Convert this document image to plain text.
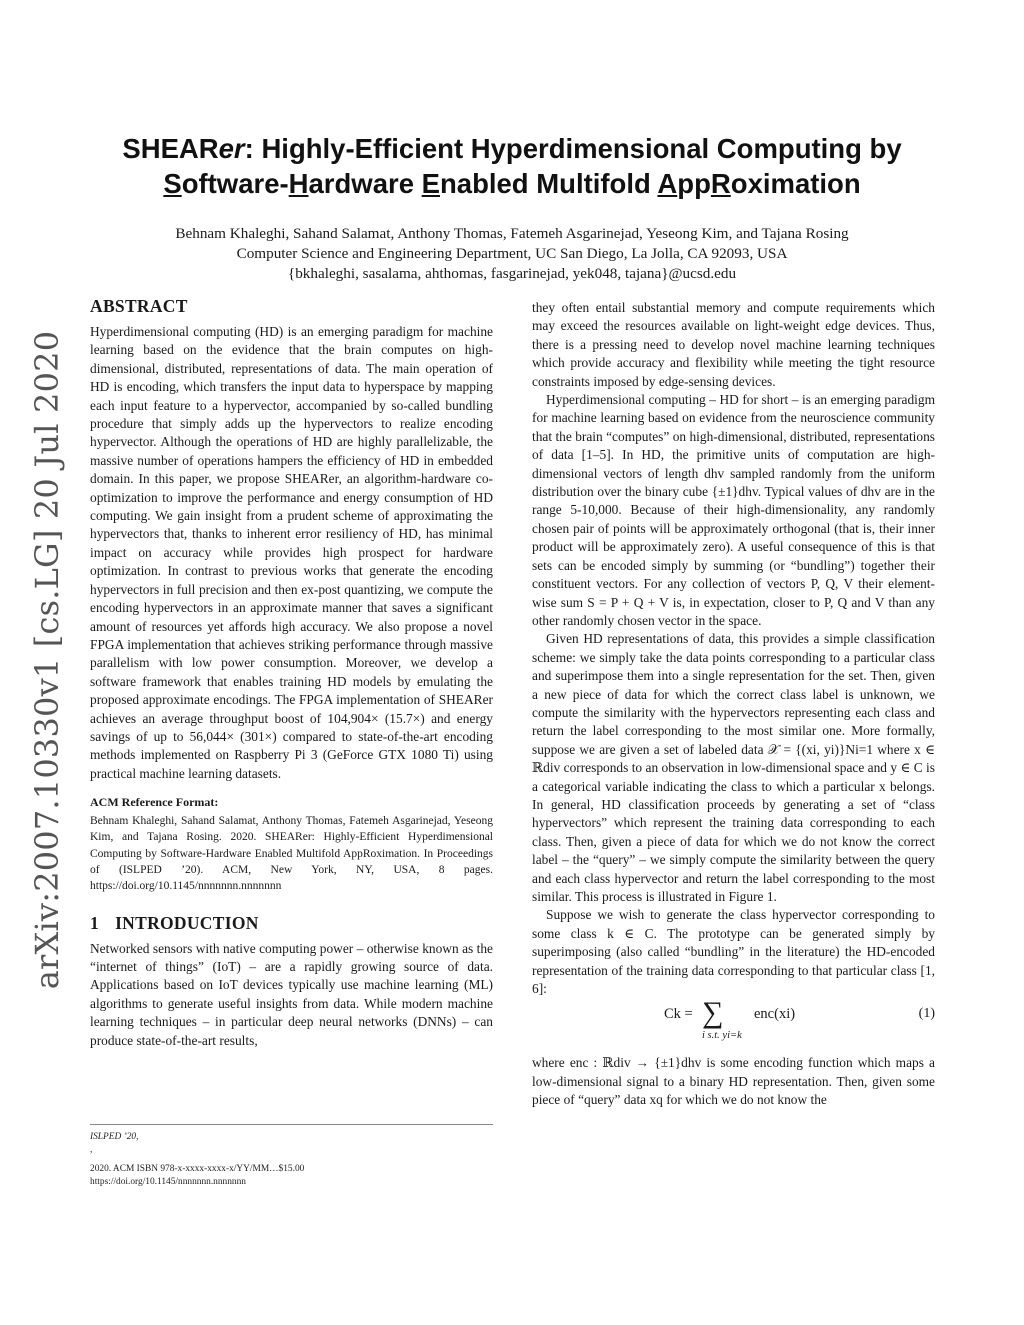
arXiv:2007.10330v1 [cs.LG] 20 Jul 2020
SHEARer: Highly-Efficient Hyperdimensional Computing by
Software-Hardware Enabled Multifold AppRoximation
Behnam Khaleghi, Sahand Salamat, Anthony Thomas, Fatemeh Asgarinejad, Yeseong Kim, and Tajana Rosing
Computer Science and Engineering Department, UC San Diego, La Jolla, CA 92093, USA
{bkhaleghi, sasalama, ahthomas, fasgarinejad, yek048, tajana}@ucsd.edu
ABSTRACT

Hyperdimensional computing (HD) is an emerging paradigm for machine learning based on the evidence that the brain computes on high-dimensional, distributed, representations of data. The main operation of HD is encoding, which transfers the input data to hyperspace by mapping each input feature to a hypervector, accompanied by so-called bundling procedure that simply adds up the hypervectors to realize encoding hypervector. Although the operations of HD are highly parallelizable, the massive number of operations hampers the efficiency of HD in embedded domain. In this paper, we propose SHEARer, an algorithm-hardware co-optimization to improve the performance and energy consumption of HD computing. We gain insight from a prudent scheme of approximating the hypervectors that, thanks to inherent error resiliency of HD, has minimal impact on accuracy while provides high prospect for hardware optimization. In contrast to previous works that generate the encoding hypervectors in full precision and then ex-post quantizing, we compute the encoding hypervectors in an approximate manner that saves a significant amount of resources yet affords high accuracy. We also propose a novel FPGA implementation that achieves striking performance through massive parallelism with low power consumption. Moreover, we develop a software framework that enables training HD models by emulating the proposed approximate encodings. The FPGA implementation of SHEARer achieves an average throughput boost of 104,904× (15.7×) and energy savings of up to 56,044× (301×) compared to state-of-the-art encoding methods implemented on Raspberry Pi 3 (GeForce GTX 1080 Ti) using practical machine learning datasets.

ACM Reference Format:

Behnam Khaleghi, Sahand Salamat, Anthony Thomas, Fatemeh Asgarinejad, Yeseong Kim, and Tajana Rosing. 2020. SHEARer: Highly-Efficient Hyperdimensional Computing by Software-Hardware Enabled Multifold AppRoximation. In Proceedings of (ISLPED ’20). ACM, New York, NY, USA, 8 pages. https://doi.org/10.1145/nnnnnnn.nnnnnnn

1 INTRODUCTION

Networked sensors with native computing power – otherwise known as the “internet of things” (IoT) – are a rapidly growing source of data. Applications based on IoT devices typically use machine learning (ML) algorithms to generate useful insights from data. While modern machine learning techniques – in particular deep neural networks (DNNs) – can produce state-of-the-art results,

ISLPED ’20,
,
2020. ACM ISBN 978-x-xxxx-xxxx-x/YY/MM…$15.00
https://doi.org/10.1145/nnnnnnn.nnnnnnn

they often entail substantial memory and compute requirements which may exceed the resources available on light-weight edge devices. Thus, there is a pressing need to develop novel machine learning techniques which provide accuracy and flexibility while meeting the tight resource constraints imposed by edge-sensing devices.

Hyperdimensional computing – HD for short – is an emerging paradigm for machine learning based on evidence from the neuroscience community that the brain “computes” on high-dimensional, distributed, representations of data [1–5]. In HD, the primitive units of computation are high-dimensional vectors of length dhv sampled randomly from the uniform distribution over the binary cube {±1}dhv. Typical values of dhv are in the range 5-10,000. Because of their high-dimensionality, any randomly chosen pair of points will be approximately orthogonal (that is, their inner product will be approximately zero). A useful consequence of this is that sets can be encoded simply by summing (or “bundling”) together their constituent vectors. For any collection of vectors P, Q, V their element-wise sum S = P + Q + V is, in expectation, closer to P, Q and V than any other randomly chosen vector in the space.

Given HD representations of data, this provides a simple classification scheme: we simply take the data points corresponding to a particular class and superimpose them into a single representation for the set. Then, given a new piece of data for which the correct class label is unknown, we compute the similarity with the hypervectors representing each class and return the label corresponding to the most similar one. More formally, suppose we are given a set of labeled data 𝒳 = {(xi, yi)}Ni=1 where x ∈ ℝdiv corresponds to an observation in low-dimensional space and y ∈ C is a categorical variable indicating the class to which a particular x belongs. In general, HD classification proceeds by generating a set of “class hypervectors” which represent the training data corresponding to each class. Then, given a piece of data for which we do not know the correct label – the “query” – we simply compute the similarity between the query and each class hypervector and return the label corresponding to the most similar. This process is illustrated in Figure 1.

Suppose we wish to generate the class hypervector corresponding to some class k ∈ C. The prototype can be generated simply by superimposing (also called “bundling” in the literature) the HD-encoded representation of the training data corresponding to that particular class [1, 6]:

Ck = ∑
i s.t. yi=k
enc(xi)	(1)

where enc : ℝdiv → {±1}dhv is some encoding function which maps a low-dimensional signal to a binary HD representation. Then, given some piece of “query” data xq for which we do not know the
